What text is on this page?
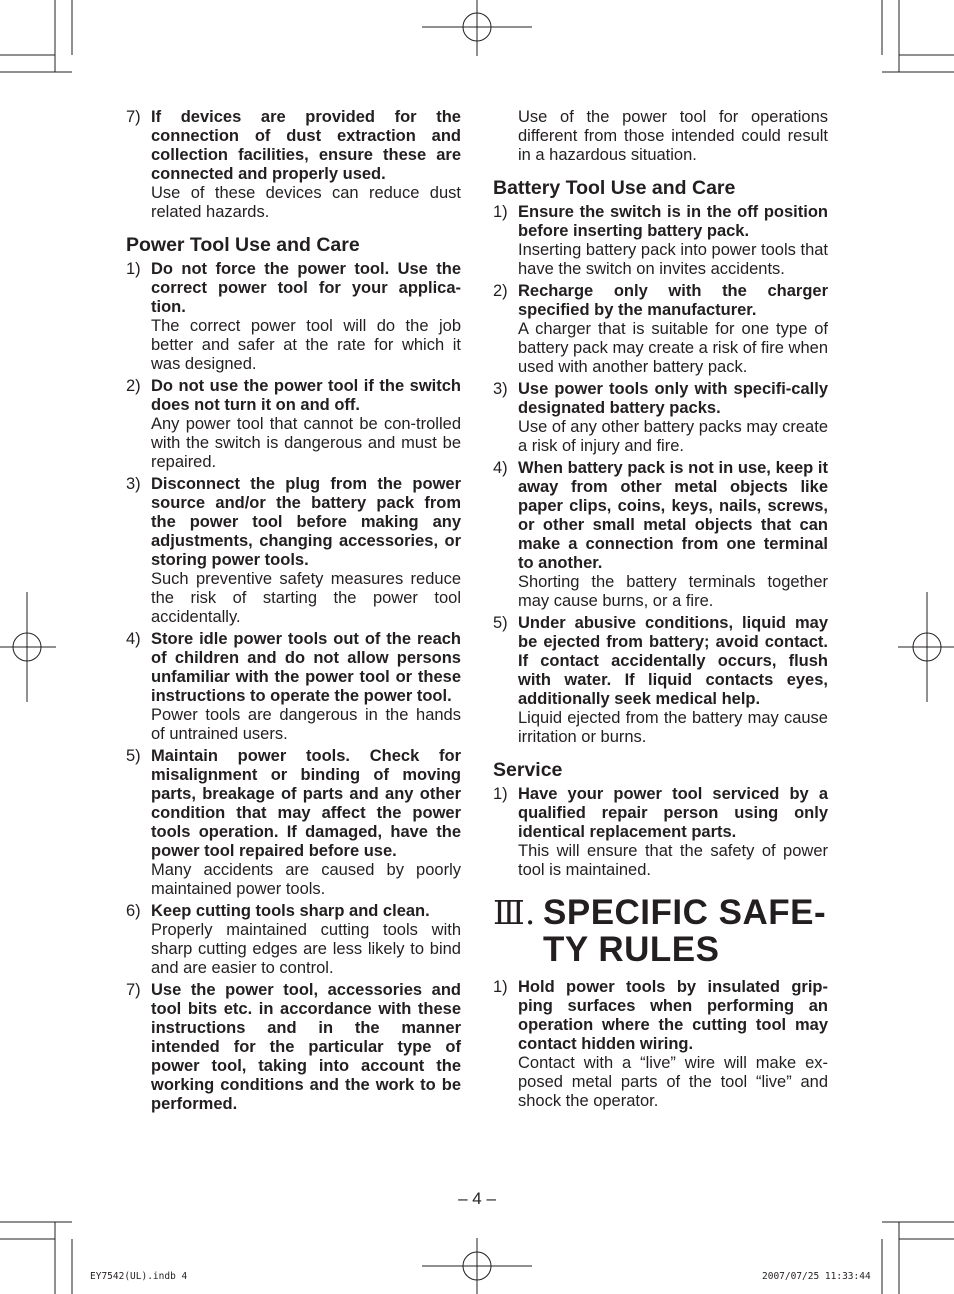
7) If devices are provided for the connection of dust extraction and collection facilities, ensure these are connected and properly used.
Use of these devices can reduce dust related hazards.
Power Tool Use and Care
1) Do not force the power tool. Use the correct power tool for your applica-tion.
The correct power tool will do the job better and safer at the rate for which it was designed.
2) Do not use the power tool if the switch does not turn it on and off.
Any power tool that cannot be con-trolled with the switch is dangerous and must be repaired.
3) Disconnect the plug from the power source and/or the battery pack from the power tool before making any adjustments, changing accessories, or storing power tools.
Such preventive safety measures reduce the risk of starting the power tool accidentally.
4) Store idle power tools out of the reach of children and do not allow persons unfamiliar with the power tool or these instructions to operate the power tool.
Power tools are dangerous in the hands of untrained users.
5) Maintain power tools. Check for misalignment or binding of moving parts, breakage of parts and any other condition that may affect the power tools operation. If damaged, have the power tool repaired before use.
Many accidents are caused by poorly maintained power tools.
6) Keep cutting tools sharp and clean.
Properly maintained cutting tools with sharp cutting edges are less likely to bind and are easier to control.
7) Use the power tool, accessories and tool bits etc. in accordance with these instructions and in the manner intended for the particular type of power tool, taking into account the working conditions and the work to be performed.
Use of the power tool for operations different from those intended could result in a hazardous situation.
Battery Tool Use and Care
1) Ensure the switch is in the off position before inserting battery pack.
Inserting battery pack into power tools that have the switch on invites accidents.
2) Recharge only with the charger specified by the manufacturer.
A charger that is suitable for one type of battery pack may create a risk of fire when used with another battery pack.
3) Use power tools only with specifi-cally designated battery packs.
Use of any other battery packs may create a risk of injury and fire.
4) When battery pack is not in use, keep it away from other metal objects like paper clips, coins, keys, nails, screws, or other small metal objects that can make a connection from one terminal to another.
Shorting the battery terminals together may cause burns, or a fire.
5) Under abusive conditions, liquid may be ejected from battery; avoid contact. If contact accidentally occurs, flush with water. If liquid contacts eyes, additionally seek medical help.
Liquid ejected from the battery may cause irritation or burns.
Service
1) Have your power tool serviced by a qualified repair person using only identical replacement parts.
This will ensure that the safety of power tool is maintained.
Ⅲ. SPECIFIC SAFE-TY RULES
1) Hold power tools by insulated grip-ping surfaces when performing an operation where the cutting tool may contact hidden wiring.
Contact with a “live” wire will make ex-posed metal parts of the tool “live” and shock the operator.
– 4 –
EY7542(UL).indb 4	2007/07/25 11:33:44
